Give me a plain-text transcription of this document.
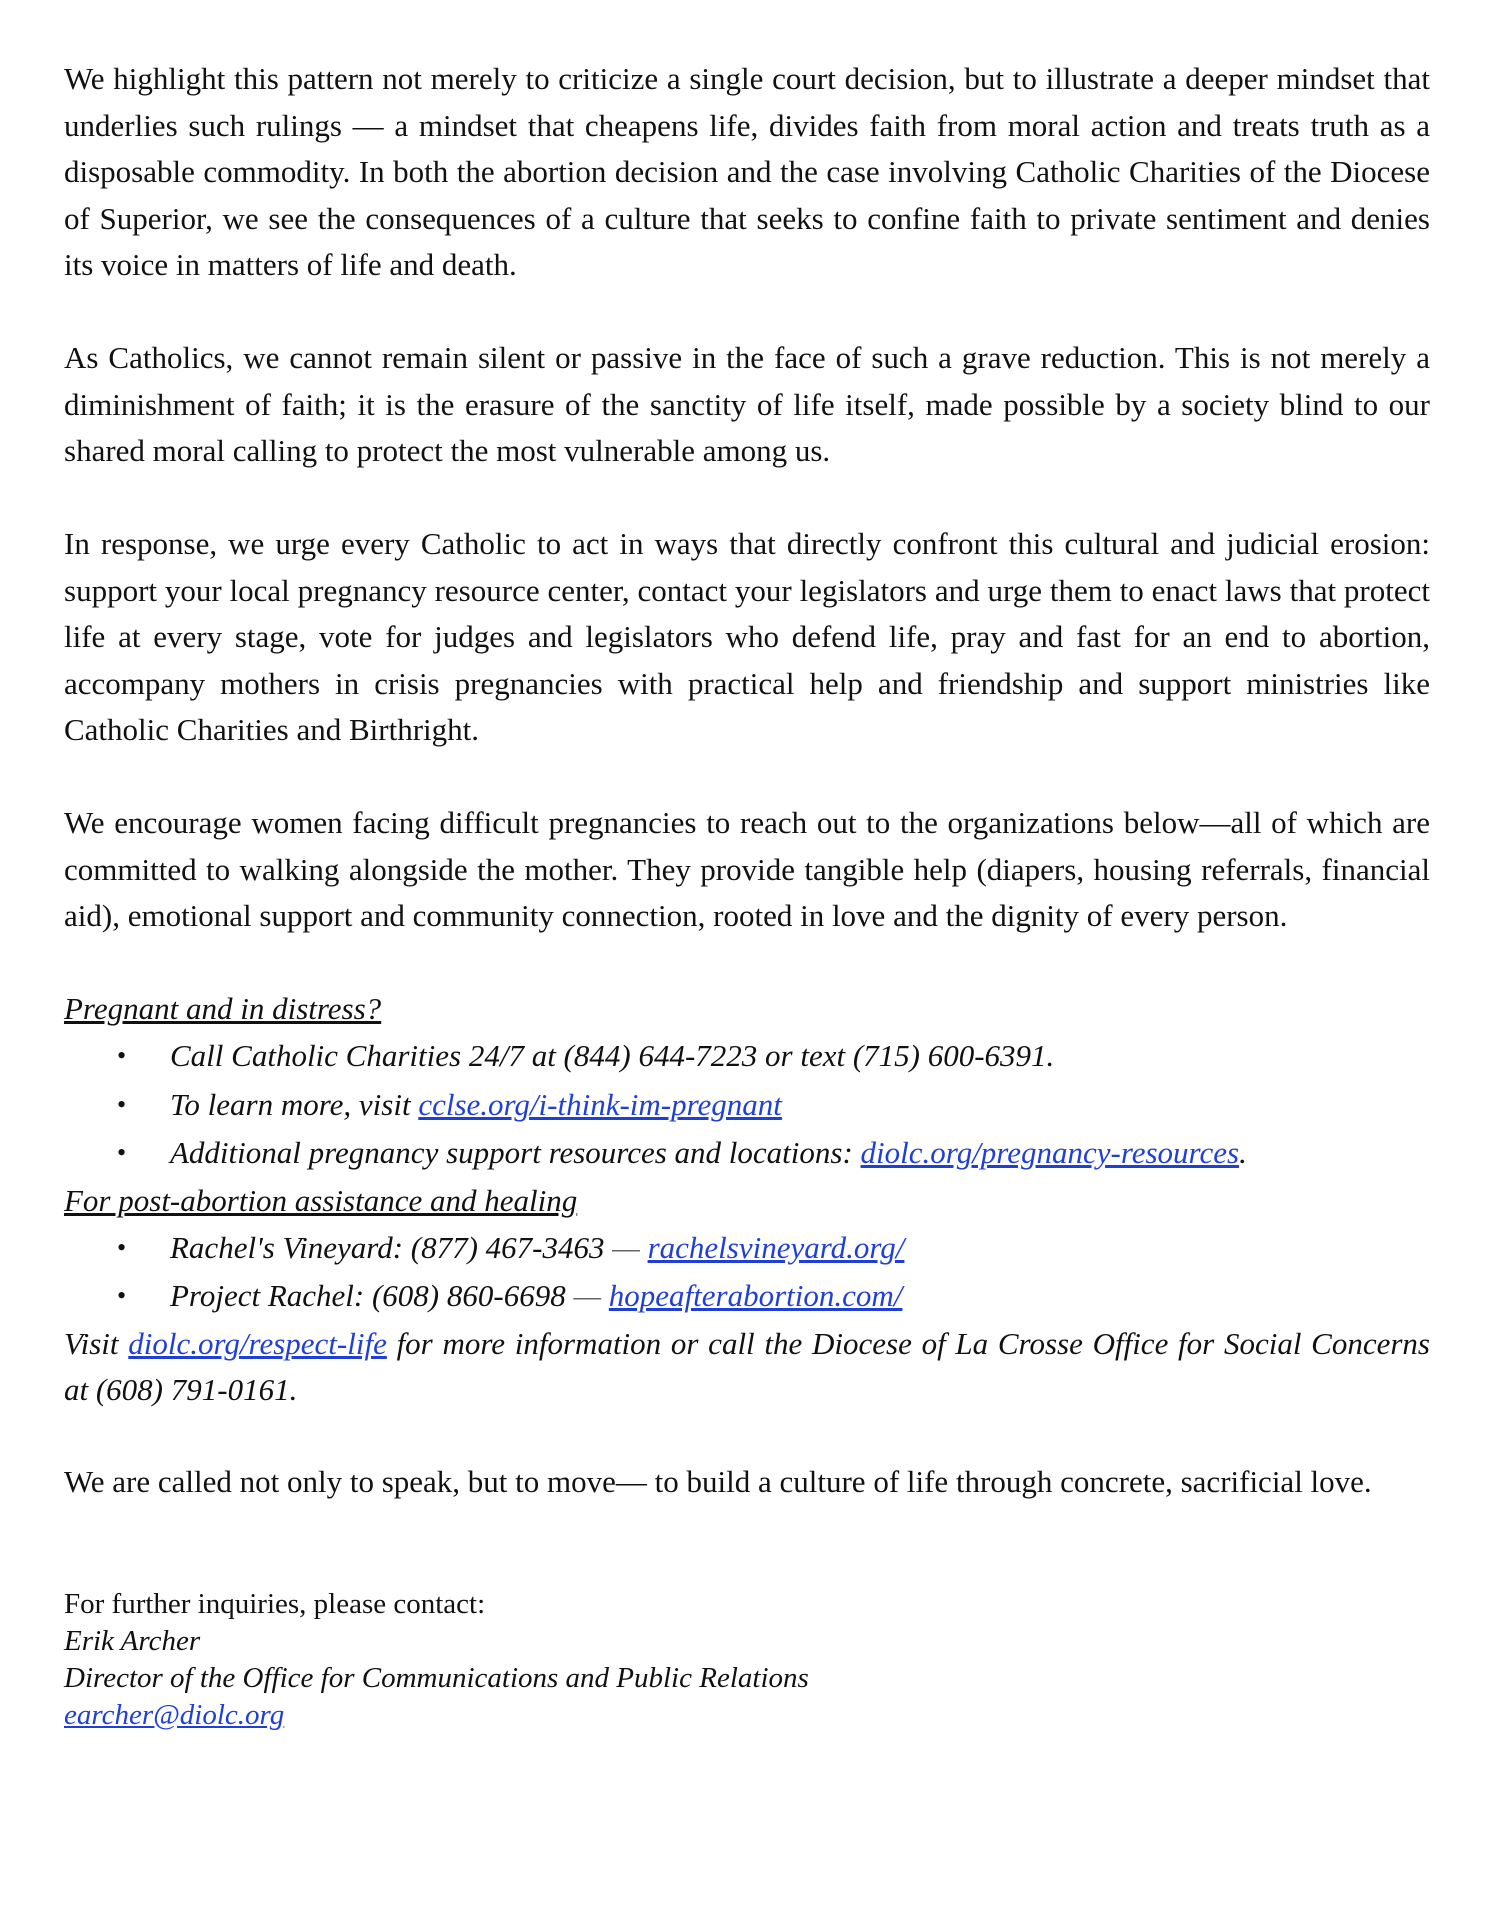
We highlight this pattern not merely to criticize a single court decision, but to illustrate a deeper mindset that underlies such rulings — a mindset that cheapens life, divides faith from moral action and treats truth as a disposable commodity. In both the abortion decision and the case involving Catholic Charities of the Diocese of Superior, we see the consequences of a culture that seeks to confine faith to private sentiment and denies its voice in matters of life and death.

As Catholics, we cannot remain silent or passive in the face of such a grave reduction. This is not merely a diminishment of faith; it is the erasure of the sanctity of life itself, made possible by a society blind to our shared moral calling to protect the most vulnerable among us.

In response, we urge every Catholic to act in ways that directly confront this cultural and judicial erosion: support your local pregnancy resource center, contact your legislators and urge them to enact laws that protect life at every stage, vote for judges and legislators who defend life, pray and fast for an end to abortion, accompany mothers in crisis pregnancies with practical help and friendship and support ministries like Catholic Charities and Birthright.

We encourage women facing difficult pregnancies to reach out to the organizations below—all of which are committed to walking alongside the mother. They provide tangible help (diapers, housing referrals, financial aid), emotional support and community connection, rooted in love and the dignity of every person.

Pregnant and in distress?

• Call Catholic Charities 24/7 at (844) 644-7223 or text (715) 600-6391.
• To learn more, visit cclse.org/i-think-im-pregnant
• Additional pregnancy support resources and locations: diolc.org/pregnancy-resources.

For post-abortion assistance and healing

• Rachel's Vineyard: (877) 467-3463 — rachelsvineyard.org/
• Project Rachel: (608) 860-6698 — hopeafterabortion.com/

Visit diolc.org/respect-life for more information or call the Diocese of La Crosse Office for Social Concerns at (608) 791-0161.

We are called not only to speak, but to move— to build a culture of life through concrete, sacrificial love.

For further inquiries, please contact:
Erik Archer
Director of the Office for Communications and Public Relations
earcher@diolc.org
